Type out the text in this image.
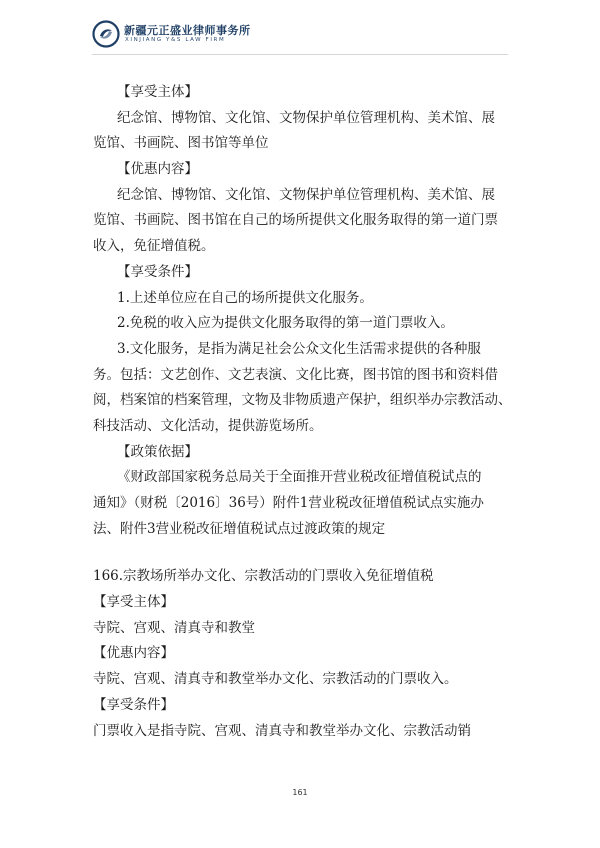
新疆元正盛业律师事务所
XINJIANG Y&S LAW FIRM
【享受主体】
纪念馆、博物馆、文化馆、文物保护单位管理机构、美术馆、展
览馆、书画院、图书馆等单位
【优惠内容】
纪念馆、博物馆、文化馆、文物保护单位管理机构、美术馆、展
览馆、书画院、图书馆在自己的场所提供文化服务取得的第一道门票
收入，免征增值税。
【享受条件】
1.上述单位应在自己的场所提供文化服务。
2.免税的收入应为提供文化服务取得的第一道门票收入。
3.文化服务，是指为满足社会公众文化生活需求提供的各种服
务。包括：文艺创作、文艺表演、文化比赛，图书馆的图书和资料借
阅，档案馆的档案管理，文物及非物质遗产保护，组织举办宗教活动、
科技活动、文化活动，提供游览场所。
【政策依据】
《财政部国家税务总局关于全面推开营业税改征增值税试点的
通知》（财税〔2016〕36号）附件1营业税改征增值税试点实施办
法、附件3营业税改征增值税试点过渡政策的规定
166.宗教场所举办文化、宗教活动的门票收入免征增值税
【享受主体】
寺院、宫观、清真寺和教堂
【优惠内容】
寺院、宫观、清真寺和教堂举办文化、宗教活动的门票收入。
【享受条件】
门票收入是指寺院、宫观、清真寺和教堂举办文化、宗教活动销
161
